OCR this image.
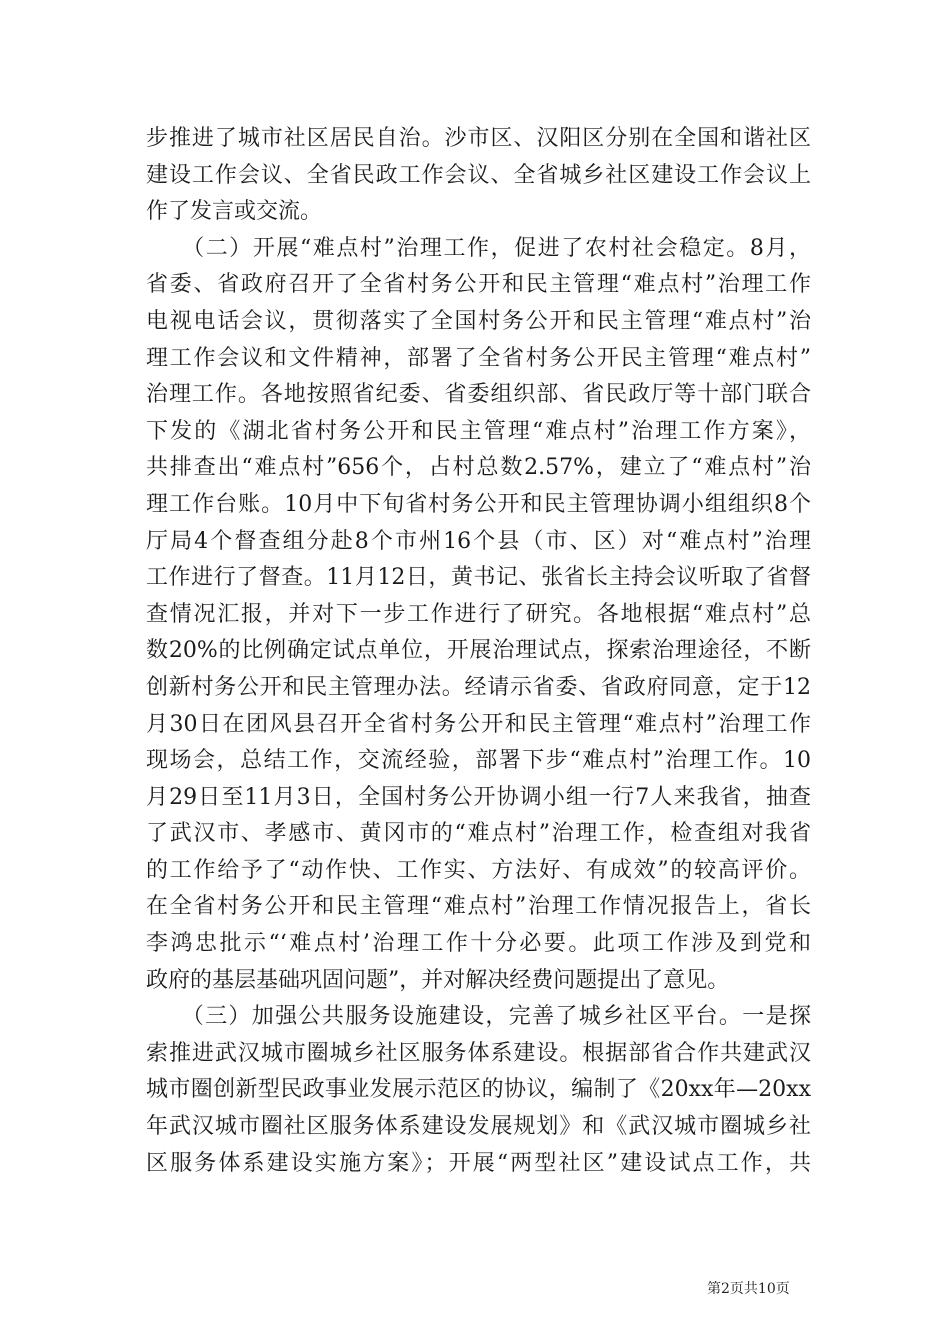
步推进了城市社区居民自治。沙市区、汉阳区分别在全国和谐社区
建设工作会议、全省民政工作会议、全省城乡社区建设工作会议上
作了发言或交流。
　　（二）开展“难点村”治理工作，促进了农村社会稳定。8月，
省委、省政府召开了全省村务公开和民主管理“难点村”治理工作
电视电话会议，贯彻落实了全国村务公开和民主管理“难点村”治
理工作会议和文件精神，部署了全省村务公开民主管理“难点村”
治理工作。各地按照省纪委、省委组织部、省民政厅等十部门联合
下发的《湖北省村务公开和民主管理“难点村”治理工作方案》，
共排查出“难点村”656个，占村总数2.57%，建立了“难点村”治
理工作台账。10月中下旬省村务公开和民主管理协调小组组织8个
厅局4个督查组分赴8个市州16个县（市、区）对“难点村”治理
工作进行了督查。11月12日，黄书记、张省长主持会议听取了省督
查情况汇报，并对下一步工作进行了研究。各地根据“难点村”总
数20%的比例确定试点单位，开展治理试点，探索治理途径，不断
创新村务公开和民主管理办法。经请示省委、省政府同意，定于12
月30日在团风县召开全省村务公开和民主管理“难点村”治理工作
现场会，总结工作，交流经验，部署下步“难点村”治理工作。10
月29日至11月3日，全国村务公开协调小组一行7人来我省，抽查
了武汉市、孝感市、黄冈市的“难点村”治理工作，检查组对我省
的工作给予了“动作快、工作实、方法好、有成效”的较高评价。
在全省村务公开和民主管理“难点村”治理工作情况报告上，省长
李鸿忠批示“‘难点村’治理工作十分必要。此项工作涉及到党和
政府的基层基础巩固问题”，并对解决经费问题提出了意见。
　　（三）加强公共服务设施建设，完善了城乡社区平台。一是探
索推进武汉城市圈城乡社区服务体系建设。根据部省合作共建武汉
城市圈创新型民政事业发展示范区的协议，编制了《20xx年—20xx
年武汉城市圈社区服务体系建设发展规划》和《武汉城市圈城乡社
区服务体系建设实施方案》；开展“两型社区”建设试点工作，共
第2页共10页
